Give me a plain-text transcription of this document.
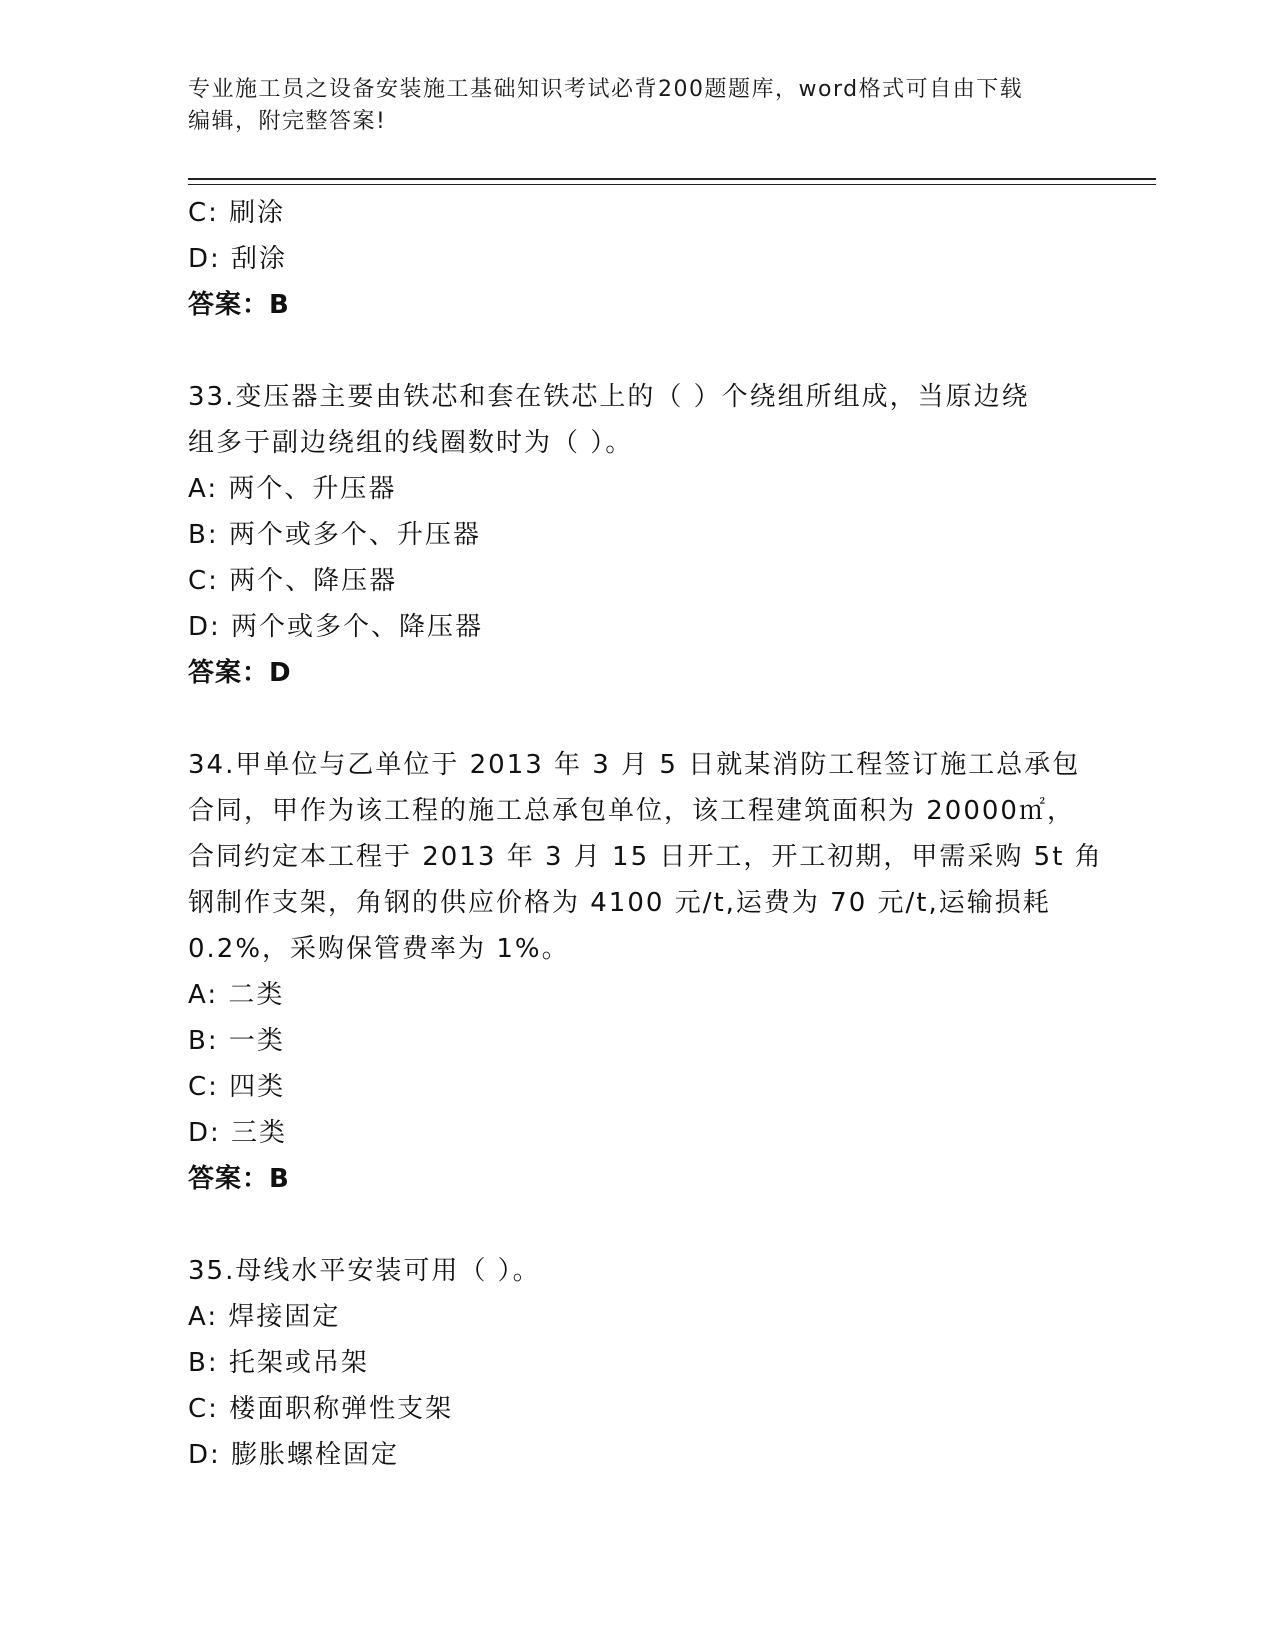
专业施工员之设备安装施工基础知识考试必背200题题库，word格式可自由下载
编辑，附完整答案!
C: 刷涂
D: 刮涂
答案：B
33.变压器主要由铁芯和套在铁芯上的（ ）个绕组所组成，当原边绕
组多于副边绕组的线圈数时为（ ）。
A: 两个、升压器
B: 两个或多个、升压器
C: 两个、降压器
D: 两个或多个、降压器
答案：D
34.甲单位与乙单位于 2013 年 3 月 5 日就某消防工程签订施工总承包
合同，甲作为该工程的施工总承包单位，该工程建筑面积为 20000㎡，
合同约定本工程于 2013 年 3 月 15 日开工，开工初期，甲需采购 5t 角
钢制作支架，角钢的供应价格为 4100 元/t,运费为 70 元/t,运输损耗
0.2%，采购保管费率为 1%。
A: 二类
B: 一类
C: 四类
D: 三类
答案：B
35.母线水平安装可用（ ）。
A: 焊接固定
B: 托架或吊架
C: 楼面职称弹性支架
D: 膨胀螺栓固定
